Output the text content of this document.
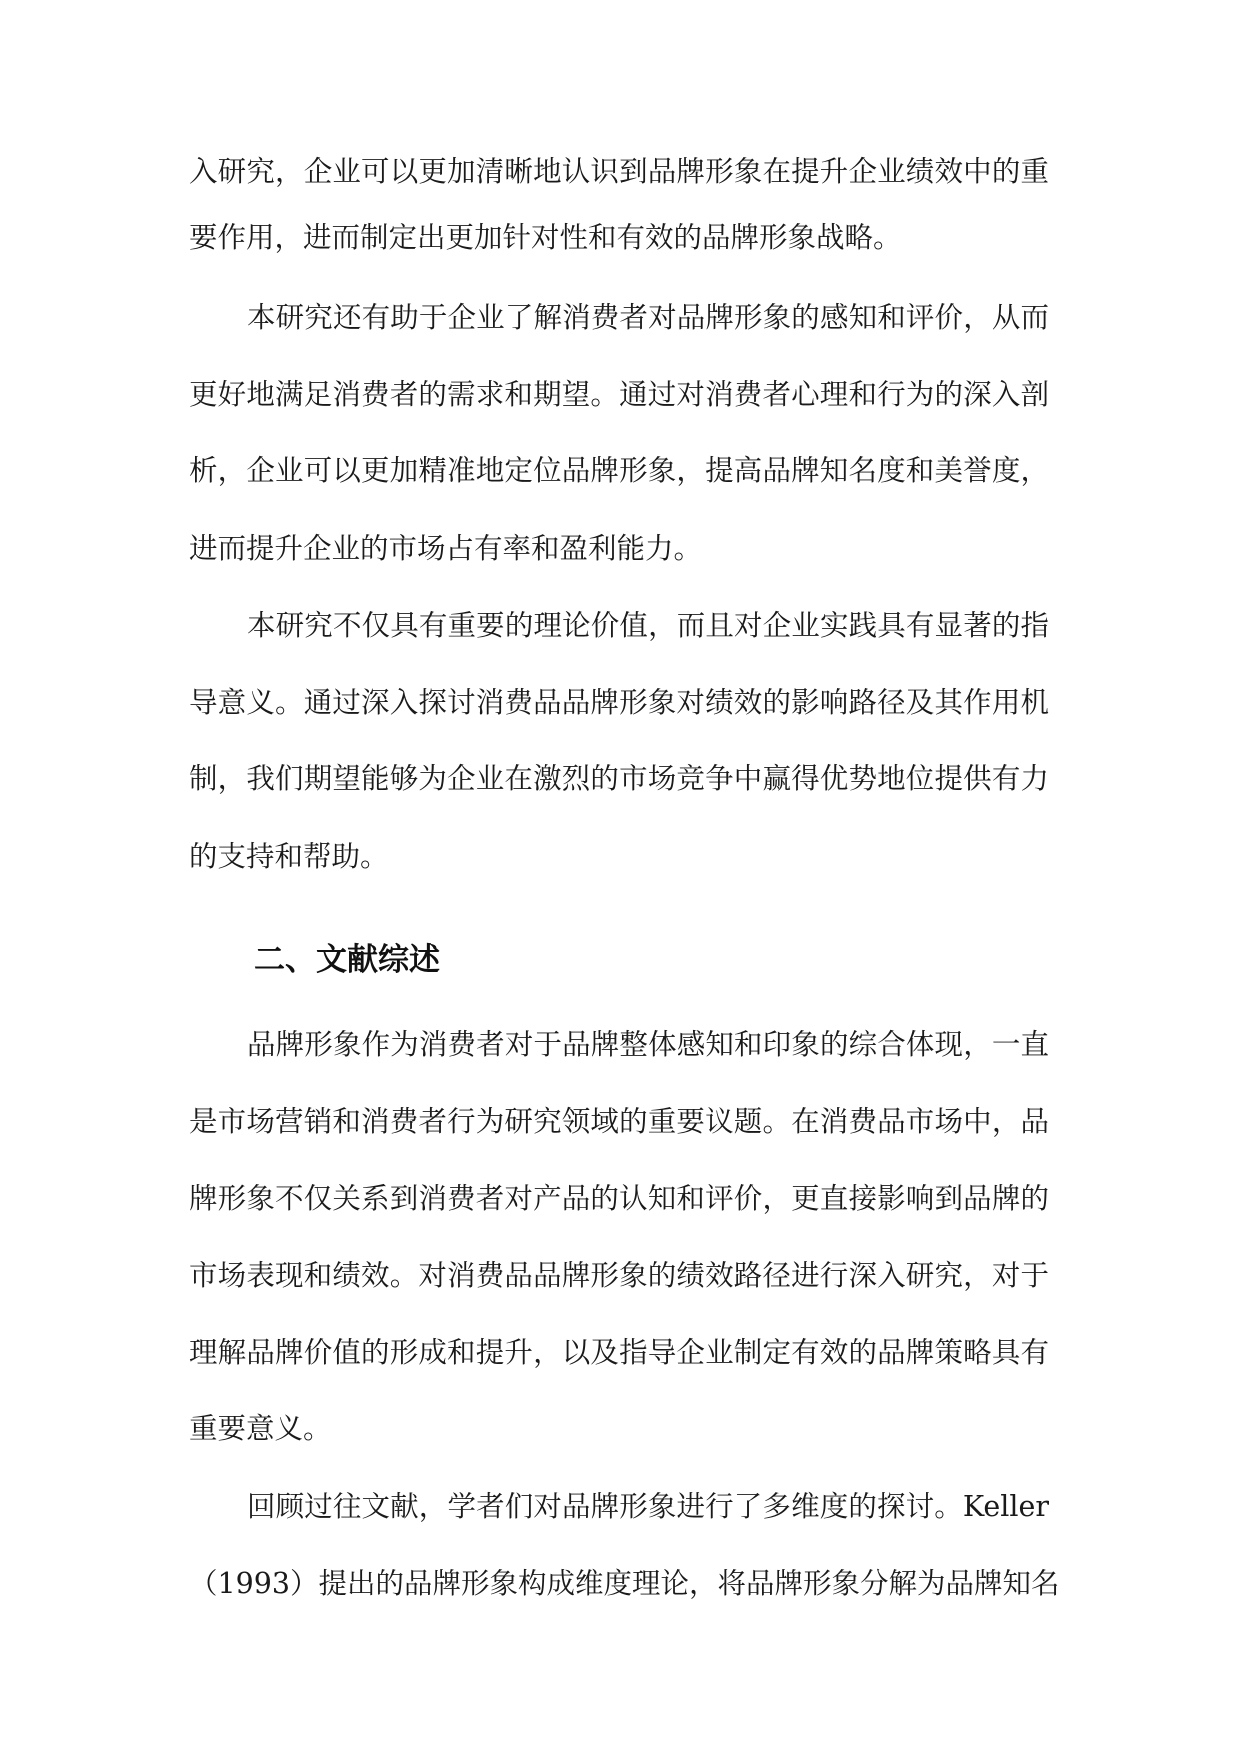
入研究，企业可以更加清晰地认识到品牌形象在提升企业绩效中的重
要作用，进而制定出更加针对性和有效的品牌形象战略。
本研究还有助于企业了解消费者对品牌形象的感知和评价，从而
更好地满足消费者的需求和期望。通过对消费者心理和行为的深入剖
析，企业可以更加精准地定位品牌形象，提高品牌知名度和美誉度，
进而提升企业的市场占有率和盈利能力。
本研究不仅具有重要的理论价值，而且对企业实践具有显著的指
导意义。通过深入探讨消费品品牌形象对绩效的影响路径及其作用机
制，我们期望能够为企业在激烈的市场竞争中赢得优势地位提供有力
的支持和帮助。
二、文献综述
品牌形象作为消费者对于品牌整体感知和印象的综合体现，一直
是市场营销和消费者行为研究领域的重要议题。在消费品市场中，品
牌形象不仅关系到消费者对产品的认知和评价，更直接影响到品牌的
市场表现和绩效。对消费品品牌形象的绩效路径进行深入研究，对于
理解品牌价值的形成和提升，以及指导企业制定有效的品牌策略具有
重要意义。
回顾过往文献，学者们对品牌形象进行了多维度的探讨。Keller
（1993）提出的品牌形象构成维度理论，将品牌形象分解为品牌知名
